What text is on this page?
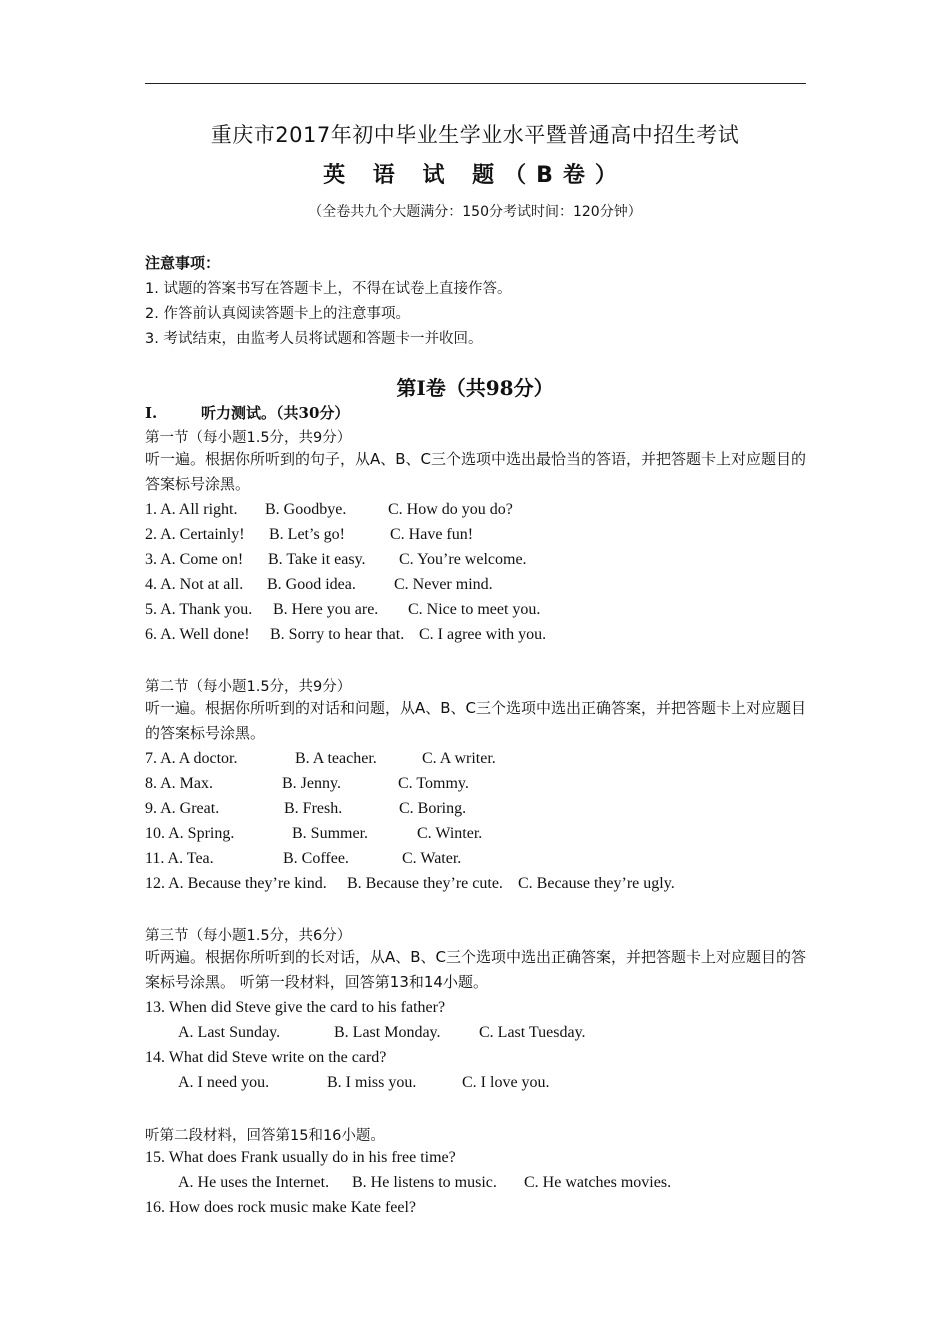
重庆市2017年初中毕业生学业水平暨普通高中招生考试
英 语 试 题（B卷）
（全卷共九个大题满分：150分考试时间：120分钟）
注意事项：
1. 试题的答案书写在答题卡上，不得在试卷上直接作答。
2. 作答前认真阅读答题卡上的注意事项。
3. 考试结束，由监考人员将试题和答题卡一并收回。
第I卷（共98分）
I.	听力测试。（共30分）
第一节（每小题1.5分，共9分）
听一遍。根据你所听到的句子，从A、B、C三个选项中选出最恰当的答语，并把答题卡上对应题目的答案标号涂黑。
1. A. All right. B. Goodbye.	C. How do you do?
2. A. Certainly! B. Let’s go!	C. Have fun!
3. A. Come on! B. Take it easy. C. You’re welcome.
4. A. Not at all. B. Good idea. C. Never mind.
5. A. Thank you. B. Here you are. C. Nice to meet you.
6. A. Well done! B. Sorry to hear that. C. I agree with you.
第二节（每小题1.5分，共9分）
听一遍。根据你所听到的对话和问题，从A、B、C三个选项中选出正确答案，并把答题卡上对应题目的答案标号涂黑。
7. A. A doctor.	B. A teacher.	C. A writer.
8. A. Max.	B. Jenny.	C. Tommy.
9. A. Great.	B. Fresh.	C. Boring.
10. A. Spring.	B. Summer.	C. Winter.
11. A. Tea.	B. Coffee.	C. Water.
12. A. Because they’re kind. B. Because they’re cute. C. Because they’re ugly.
第三节（每小题1.5分，共6分）
听两遍。根据你所听到的长对话，从A、B、C三个选项中选出正确答案，并把答题卡上对应题目的答案标号涂黑。 听第一段材料，回答第13和14小题。
13. When did Steve give the card to his father?
A. Last Sunday.	B. Last Monday. C. Last Tuesday.
14. What did Steve write on the card?
A. I need you.	B. I miss you.	C. I love you.
听第二段材料，回答第15和16小题。
15. What does Frank usually do in his free time?
A. He uses the Internet. B. He listens to music. C. He watches movies.
16. How does rock music make Kate feel?
